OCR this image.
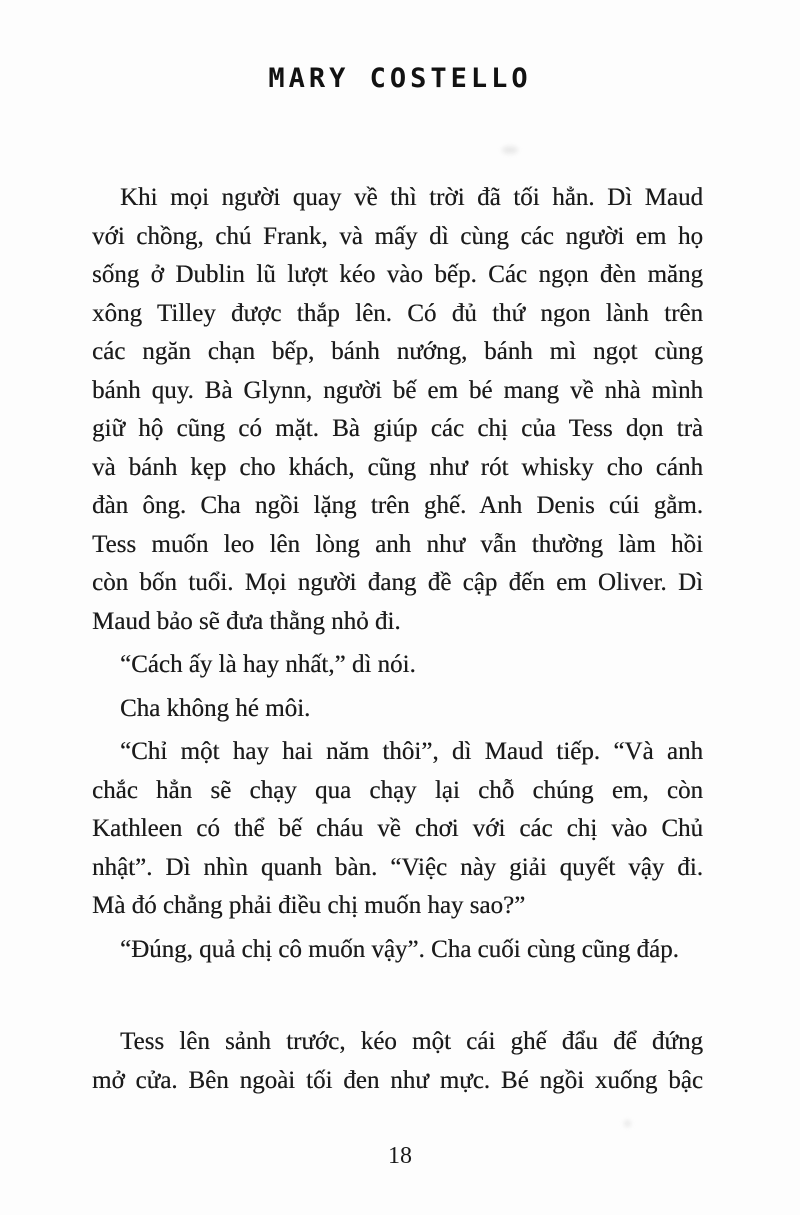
MARY COSTELLO
Khi mọi người quay về thì trời đã tối hẳn. Dì Maud
với chồng, chú Frank, và mấy dì cùng các người em họ
sống ở Dublin lũ lượt kéo vào bếp. Các ngọn đèn măng
xông Tilley được thắp lên. Có đủ thứ ngon lành trên
các ngăn chạn bếp, bánh nướng, bánh mì ngọt cùng
bánh quy. Bà Glynn, người bế em bé mang về nhà mình
giữ hộ cũng có mặt. Bà giúp các chị của Tess dọn trà
và bánh kẹp cho khách, cũng như rót whisky cho cánh
đàn ông. Cha ngồi lặng trên ghế. Anh Denis cúi gằm.
Tess muốn leo lên lòng anh như vẫn thường làm hồi
còn bốn tuổi. Mọi người đang đề cập đến em Oliver. Dì
Maud bảo sẽ đưa thằng nhỏ đi.
“Cách ấy là hay nhất,” dì nói.
Cha không hé môi.
“Chỉ một hay hai năm thôi”, dì Maud tiếp. “Và anh
chắc hẳn sẽ chạy qua chạy lại chỗ chúng em, còn
Kathleen có thể bế cháu về chơi với các chị vào Chủ
nhật”. Dì nhìn quanh bàn. “Việc này giải quyết vậy đi.
Mà đó chẳng phải điều chị muốn hay sao?”
“Đúng, quả chị cô muốn vậy”. Cha cuối cùng cũng đáp.
Tess lên sảnh trước, kéo một cái ghế đẩu để đứng
mở cửa. Bên ngoài tối đen như mực. Bé ngồi xuống bậc
18
